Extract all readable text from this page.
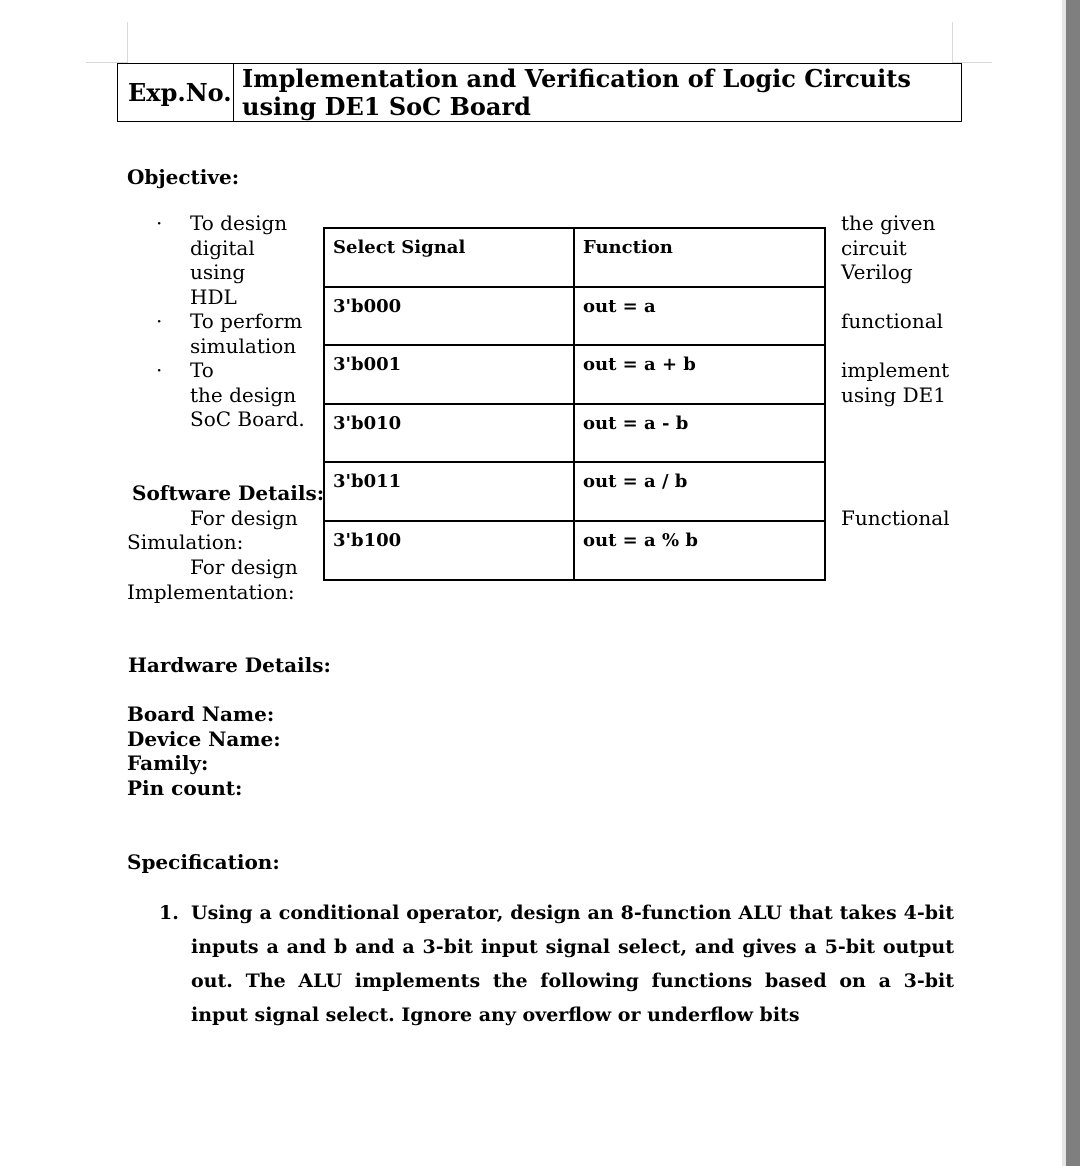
Exp.No. Implementation and Verification of Logic Circuits using DE1 SoC Board
Objective:
·
·
·
To design
digital
using
HDL
To perform
simulation
To
the design
SoC Board.
the given
circuit
Verilog
functional
implement
using DE1
Software Details:
For design
Simulation:
Functional
For design
Implementation:
Select Signal	Function
3'b000	out = a
3'b001	out = a + b
3'b010	out = a - b
3'b011	out = a / b
3'b100	out = a % b
Hardware Details:
Board Name:
Device Name:
Family:
Pin count:
Specification:
1. Using a conditional operator, design an 8-function ALU that takes 4-bit inputs a and b and a 3-bit input signal select, and gives a 5-bit output out. The ALU implements the following functions based on a 3-bit input signal select. Ignore any overflow or underflow bits
